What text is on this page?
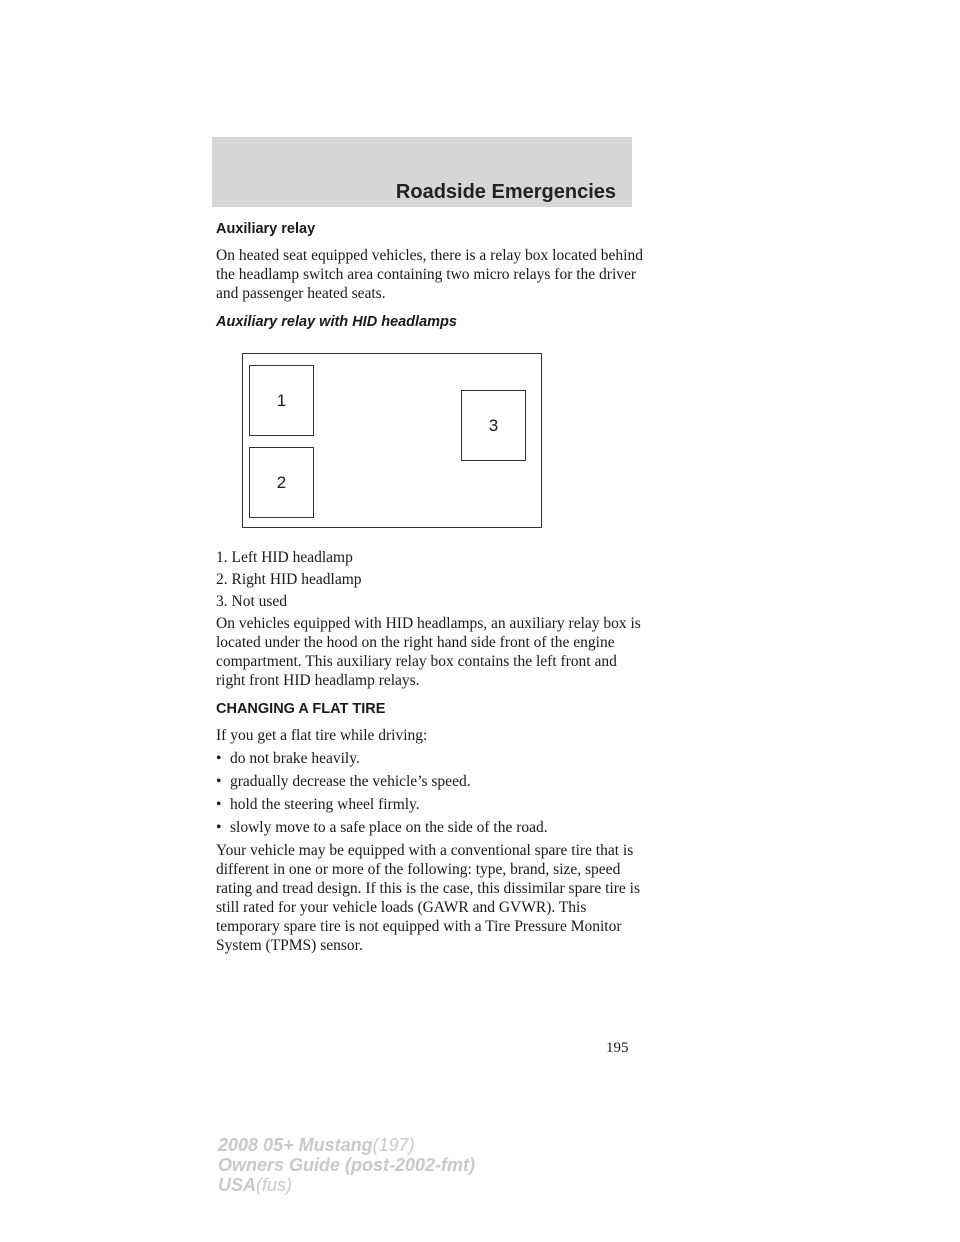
Roadside Emergencies
Auxiliary relay

On heated seat equipped vehicles, there is a relay box located behind the headlamp switch area containing two micro relays for the driver and passenger heated seats.

Auxiliary relay with HID headlamps
1
2
3

1. Left HID headlamp

2. Right HID headlamp

3. Not used

On vehicles equipped with HID headlamps, an auxiliary relay box is located under the hood on the right hand side front of the engine compartment. This auxiliary relay box contains the left front and right front HID headlamp relays.

CHANGING A FLAT TIRE

If you get a flat tire while driving:

• do not brake heavily.
• gradually decrease the vehicle’s speed.
• hold the steering wheel firmly.
• slowly move to a safe place on the side of the road.

Your vehicle may be equipped with a conventional spare tire that is different in one or more of the following: type, brand, size, speed rating and tread design. If this is the case, this dissimilar spare tire is still rated for your vehicle loads (GAWR and GVWR). This temporary spare tire is not equipped with a Tire Pressure Monitor System (TPMS) sensor.

195
2008 05+ Mustang(197)
Owners Guide (post-2002-fmt)
USA(fus)
